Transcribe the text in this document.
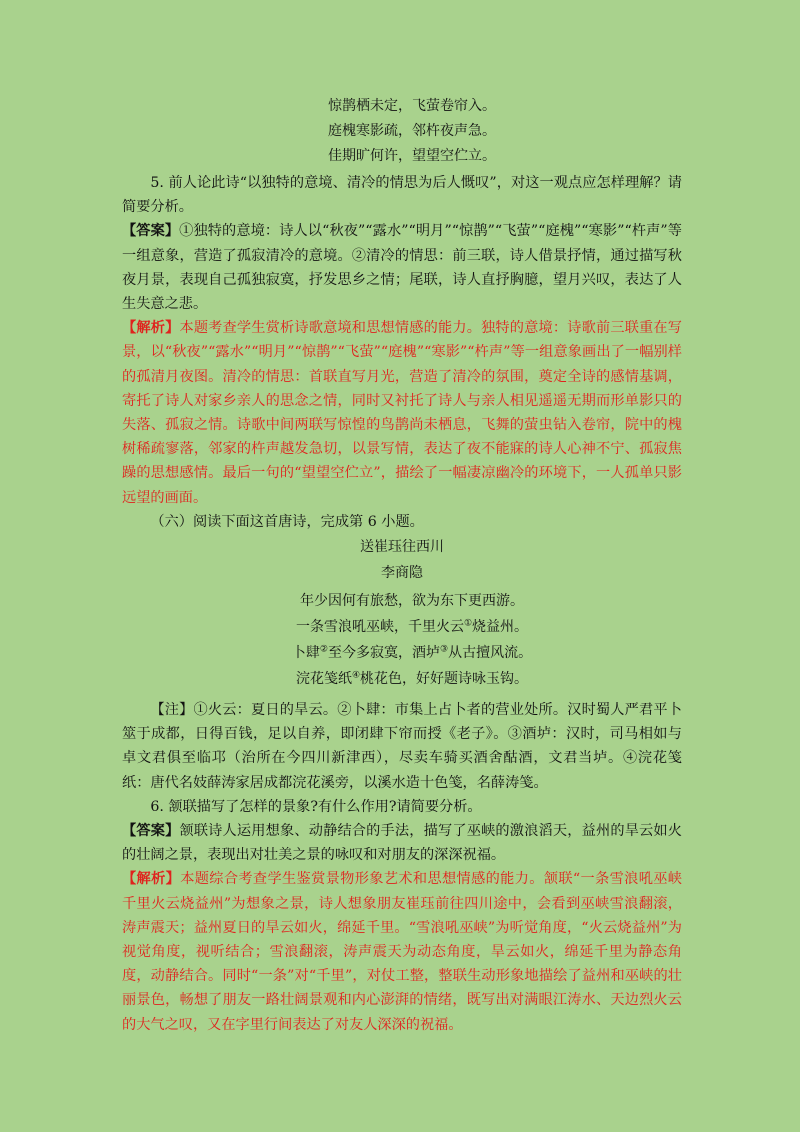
惊鹊栖未定，飞萤卷帘入。

庭槐寒影疏，邻杵夜声急。

佳期旷何许，望望空伫立。

5. 前人论此诗“以独特的意境、清冷的情思为后人慨叹”，对这一观点应怎样理解？请简要分析。

【答案】①独特的意境：诗人以“秋夜”“露水”“明月”“惊鹊”“飞萤”“庭槐”“寒影”“杵声”等一组意象，营造了孤寂清冷的意境。②清冷的情思：前三联，诗人借景抒情，通过描写秋夜月景，表现自己孤独寂寞，抒发思乡之情；尾联，诗人直抒胸臆，望月兴叹，表达了人生失意之悲。

【解析】本题考查学生赏析诗歌意境和思想情感的能力。独特的意境：诗歌前三联重在写景，以“秋夜”“露水”“明月”“惊鹊”“飞萤”“庭槐”“寒影”“杵声”等一组意象画出了一幅别样的孤清月夜图。清冷的情思：首联直写月光，营造了清冷的氛围，奠定全诗的感情基调，寄托了诗人对家乡亲人的思念之情，同时又衬托了诗人与亲人相见遥遥无期而形单影只的失落、孤寂之情。诗歌中间两联写惊惶的鸟鹊尚未栖息，飞舞的萤虫钻入卷帘，院中的槐树稀疏寥落，邻家的杵声越发急切，以景写情，表达了夜不能寐的诗人心神不宁、孤寂焦躁的思想感情。最后一句的“望望空伫立”，描绘了一幅凄凉幽冷的环境下，一人孤单只影远望的画面。

（六）阅读下面这首唐诗，完成第 6 小题。

送崔珏往西川

李商隐

年少因何有旅愁，欲为东下更西游。

一条雪浪吼巫峡，千里火云①烧益州。

卜肆②至今多寂寞，酒垆③从古擅风流。

浣花笺纸④桃花色，好好题诗咏玉钩。

【注】①火云：夏日的旱云。②卜肆：市集上占卜者的营业处所。汉时蜀人严君平卜筮于成都，日得百钱，足以自养，即闭肆下帘而授《老子》。③酒垆：汉时，司马相如与卓文君俱至临邛（治所在今四川新津西），尽卖车骑买酒舍酤酒，文君当垆。④浣花笺纸：唐代名妓薛涛家居成都浣花溪旁，以溪水造十色笺，名薛涛笺。

6. 颔联描写了怎样的景象?有什么作用?请简要分析。

【答案】颔联诗人运用想象、动静结合的手法，描写了巫峡的激浪滔天，益州的旱云如火的壮阔之景，表现出对壮美之景的咏叹和对朋友的深深祝福。

【解析】本题综合考查学生鉴赏景物形象艺术和思想情感的能力。颔联“一条雪浪吼巫峡千里火云烧益州”为想象之景，诗人想象朋友崔珏前往四川途中，会看到巫峡雪浪翻滚，涛声震天；益州夏日的旱云如火，绵延千里。“雪浪吼巫峡”为听觉角度，“火云烧益州”为视觉角度，视听结合；雪浪翻滚，涛声震天为动态角度，旱云如火，绵延千里为静态角度，动静结合。同时“一条”对“千里”，对仗工整，整联生动形象地描绘了益州和巫峡的壮丽景色，畅想了朋友一路壮阔景观和内心澎湃的情绪，既写出对满眼江涛水、天边烈火云的大气之叹，又在字里行间表达了对友人深深的祝福。
